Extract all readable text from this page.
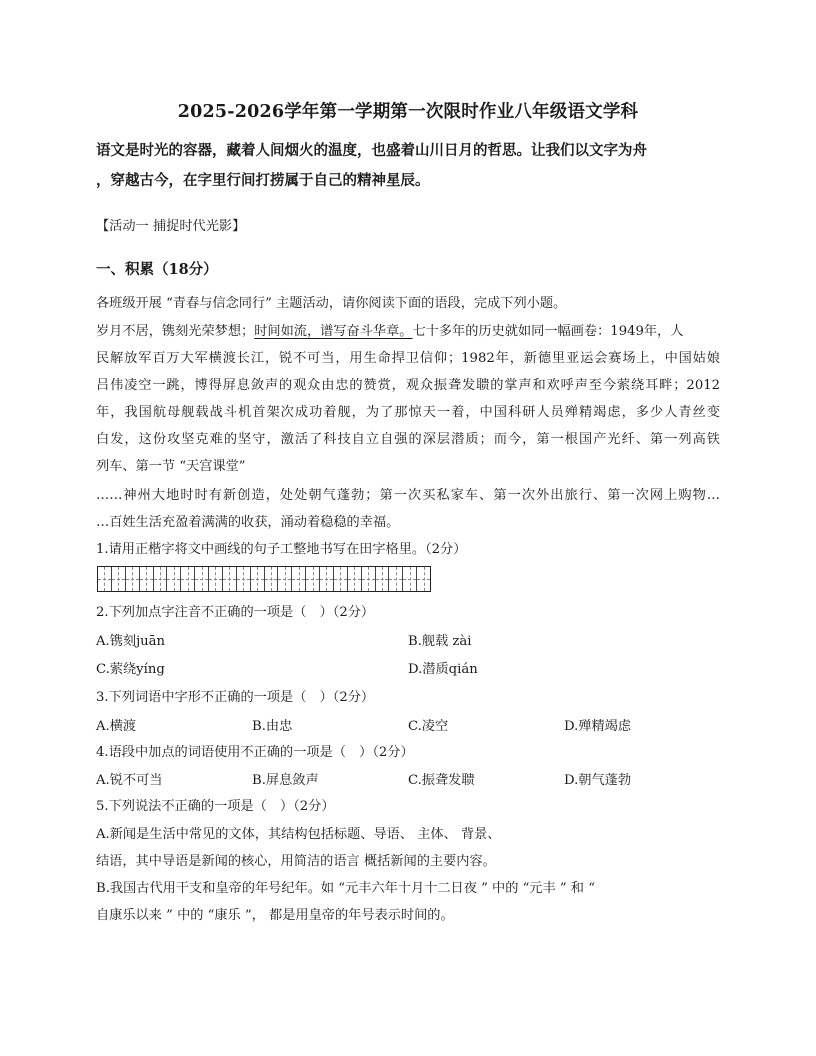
2025-2026学年第一学期第一次限时作业八年级语文学科
语文是时光的容器，藏着人间烟火的温度，也盛着山川日月的哲思。让我们以文字为舟
，穿越古今，在字里行间打捞属于自己的精神星辰。
【活动一 捕捉时代光影】
一、积累（18分）
各班级开展 “青春与信念同行” 主题活动，请你阅读下面的语段，完成下列小题。
岁月不居，镌刻光荣梦想；时间如流，谱写奋斗华章。七十多年的历史就如同一幅画卷：1949年，人
民解放军百万大军横渡长江，锐不可当，用生命捍卫信仰；1982年，新德里亚运会赛场上，中国姑娘
吕伟凌空一跳，博得屏息敛声的观众由忠的赞赏，观众振聋发聩的掌声和欢呼声至今萦绕耳畔；2012
年，我国航母舰载战斗机首架次成功着舰，为了那惊天一着，中国科研人员殚精竭虑，多少人青丝变
白发，这份攻坚克难的坚守，激活了科技自立自强的深层潜质；而今，第一根国产光纤、第一列高铁
列车、第一节 “天宫课堂”
……神州大地时时有新创造，处处朝气蓬勃；第一次买私家车、第一次外出旅行、第一次网上购物…
…百姓生活充盈着满满的收获，涌动着稳稳的幸福。
1.请用正楷字将文中画线的句子工整地书写在田字格里。（2分）
2.下列加点字注音不正确的一项是（　）（2分）
A.镌刻juān	B.舰载 zài
C.萦绕yíng	D.潜质qián
3.下列词语中字形不正确的一项是（　）（2分）
A.横渡	B.由忠	C.凌空	D.殚精竭虑
4.语段中加点的词语使用不正确的一项是（　）（2分）
A.锐不可当	B.屏息敛声	C.振聋发聩	D.朝气蓬勃
5.下列说法不正确的一项是（　）（2分）
A.新闻是生活中常见的文体，其结构包括标题、导语、 主体、 背景、
结语，其中导语是新闻的核心，用简洁的语言 概括新闻的主要内容。
B.我国古代用干支和皇帝的年号纪年。如 “元丰六年十月十二日夜 ” 中的 “元丰 ” 和 “
自康乐以来 ” 中的 “康乐 ”， 都是用皇帝的年号表示时间的。
